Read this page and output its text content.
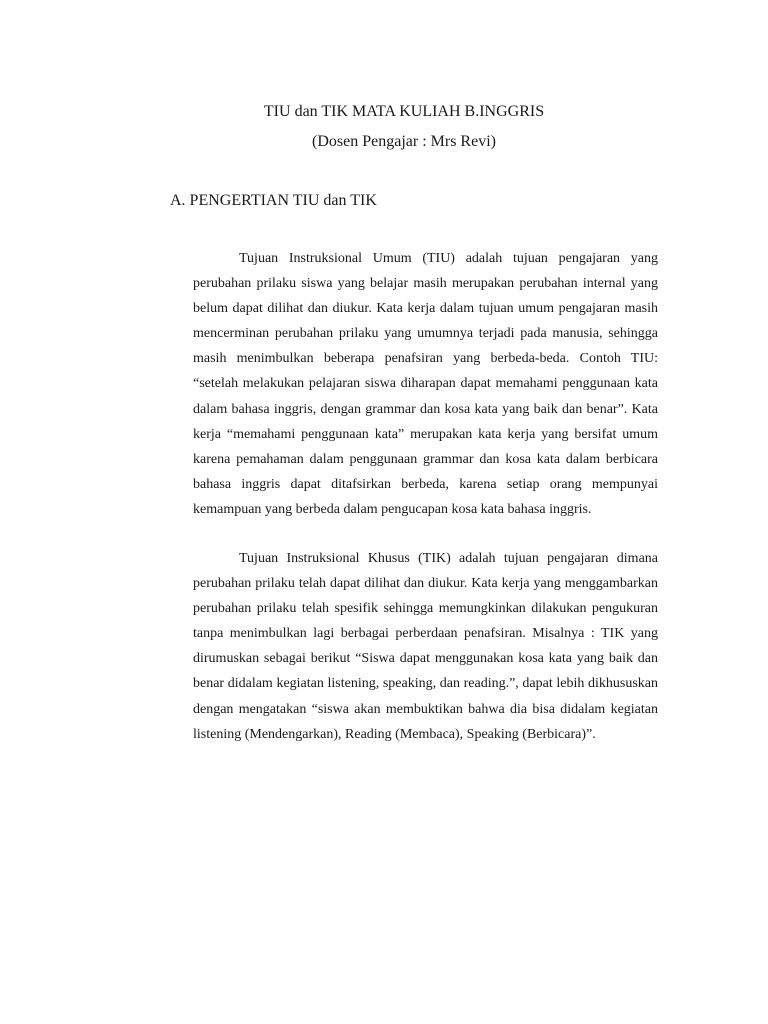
TIU dan TIK MATA KULIAH B.INGGRIS
(Dosen Pengajar : Mrs Revi)
A. PENGERTIAN TIU dan TIK

Tujuan Instruksional Umum (TIU) adalah tujuan pengajaran yang perubahan prilaku siswa yang belajar masih merupakan perubahan internal yang belum dapat dilihat dan diukur. Kata kerja dalam tujuan umum pengajaran masih mencerminan perubahan prilaku yang umumnya terjadi pada manusia, sehingga masih menimbulkan beberapa penafsiran yang berbeda-beda. Contoh TIU: “setelah melakukan pelajaran siswa diharapan dapat memahami penggunaan kata dalam bahasa inggris, dengan grammar dan kosa kata yang baik dan benar”. Kata kerja “memahami penggunaan kata” merupakan kata kerja yang bersifat umum karena pemahaman dalam penggunaan grammar dan kosa kata dalam berbicara bahasa inggris dapat ditafsirkan berbeda, karena setiap orang mempunyai kemampuan yang berbeda dalam pengucapan kosa kata bahasa inggris.

Tujuan Instruksional Khusus (TIK) adalah tujuan pengajaran dimana perubahan prilaku telah dapat dilihat dan diukur. Kata kerja yang menggambarkan perubahan prilaku telah spesifik sehingga memungkinkan dilakukan pengukuran tanpa menimbulkan lagi berbagai perberdaan penafsiran. Misalnya : TIK yang dirumuskan sebagai berikut “Siswa dapat menggunakan kosa kata yang baik dan benar didalam kegiatan listening, speaking, dan reading.”, dapat lebih dikhususkan dengan mengatakan “siswa akan membuktikan bahwa dia bisa didalam kegiatan listening (Mendengarkan), Reading (Membaca), Speaking (Berbicara)”.
